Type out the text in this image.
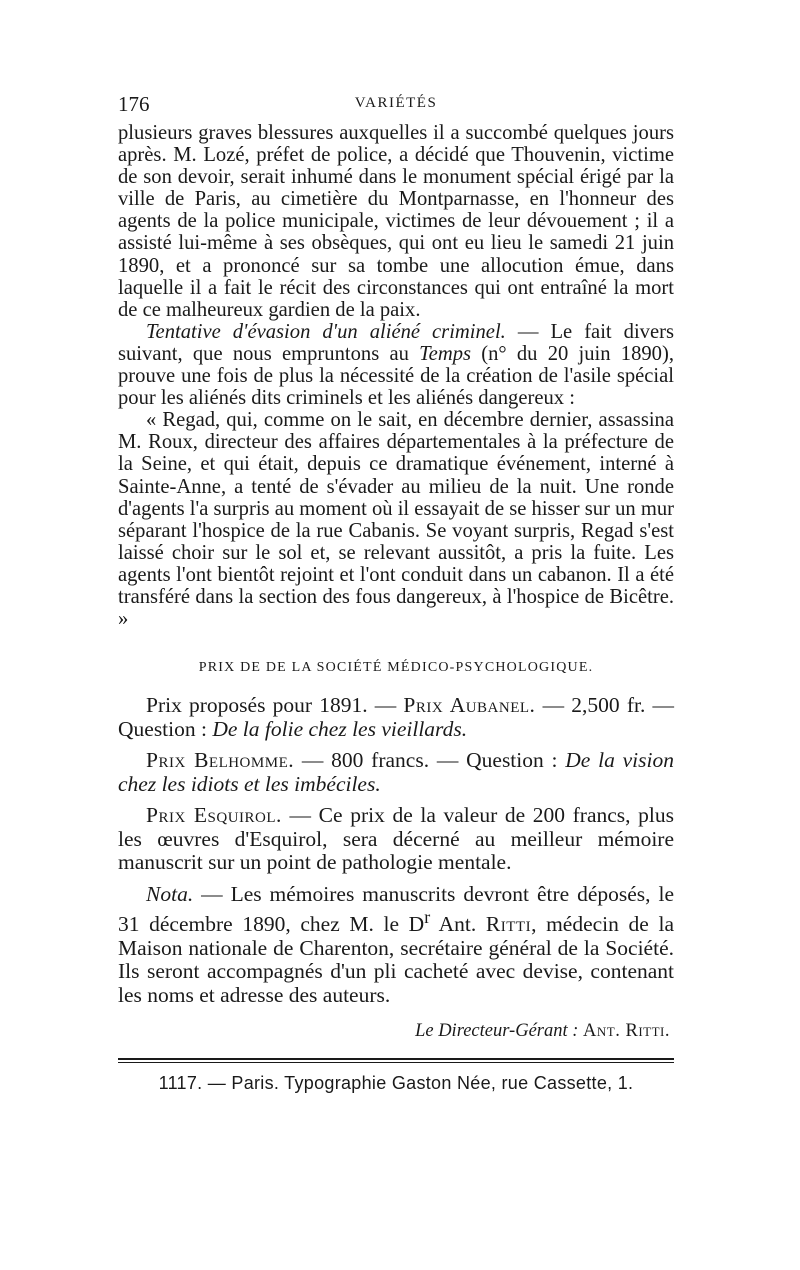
176	VARIÉTÉS

plusieurs graves blessures auxquelles il a succombé quelques jours après. M. Lozé, préfet de police, a décidé que Thouvenin, victime de son devoir, serait inhumé dans le monument spécial érigé par la ville de Paris, au cimetière du Montparnasse, en l'honneur des agents de la police municipale, victimes de leur dévouement ; il a assisté lui-même à ses obsèques, qui ont eu lieu le samedi 21 juin 1890, et a prononcé sur sa tombe une allocution émue, dans laquelle il a fait le récit des circonstances qui ont entraîné la mort de ce malheureux gardien de la paix.

Tentative d'évasion d'un aliéné criminel. — Le fait divers suivant, que nous empruntons au Temps (n° du 20 juin 1890), prouve une fois de plus la nécessité de la création de l'asile spécial pour les aliénés dits criminels et les aliénés dangereux :

« Regad, qui, comme on le sait, en décembre dernier, assassina M. Roux, directeur des affaires départementales à la préfecture de la Seine, et qui était, depuis ce dramatique événement, interné à Sainte-Anne, a tenté de s'évader au milieu de la nuit. Une ronde d'agents l'a surpris au moment où il essayait de se hisser sur un mur séparant l'hospice de la rue Cabanis. Se voyant surpris, Regad s'est laissé choir sur le sol et, se relevant aussitôt, a pris la fuite. Les agents l'ont bientôt rejoint et l'ont conduit dans un cabanon. Il a été transféré dans la section des fous dangereux, à l'hospice de Bicêtre. »

PRIX DE DE LA SOCIÉTÉ MÉDICO-PSYCHOLOGIQUE.

Prix proposés pour 1891. — Prix Aubanel. — 2,500 fr. — Question : De la folie chez les vieillards.

Prix Belhomme. — 800 francs. — Question : De la vision chez les idiots et les imbéciles.

Prix Esquirol. — Ce prix de la valeur de 200 francs, plus les œuvres d'Esquirol, sera décerné au meilleur mémoire manuscrit sur un point de pathologie mentale.

Nota. — Les mémoires manuscrits devront être déposés, le 31 décembre 1890, chez M. le $D^r$ Ant. Ritti, médecin de la Maison nationale de Charenton, secrétaire général de la Société. Ils seront accompagnés d'un pli cacheté avec devise, contenant les noms et adresse des auteurs.

Le Directeur-Gérant : Ant. Ritti.
1117. — Paris. Typographie Gaston Née, rue Cassette, 1.
